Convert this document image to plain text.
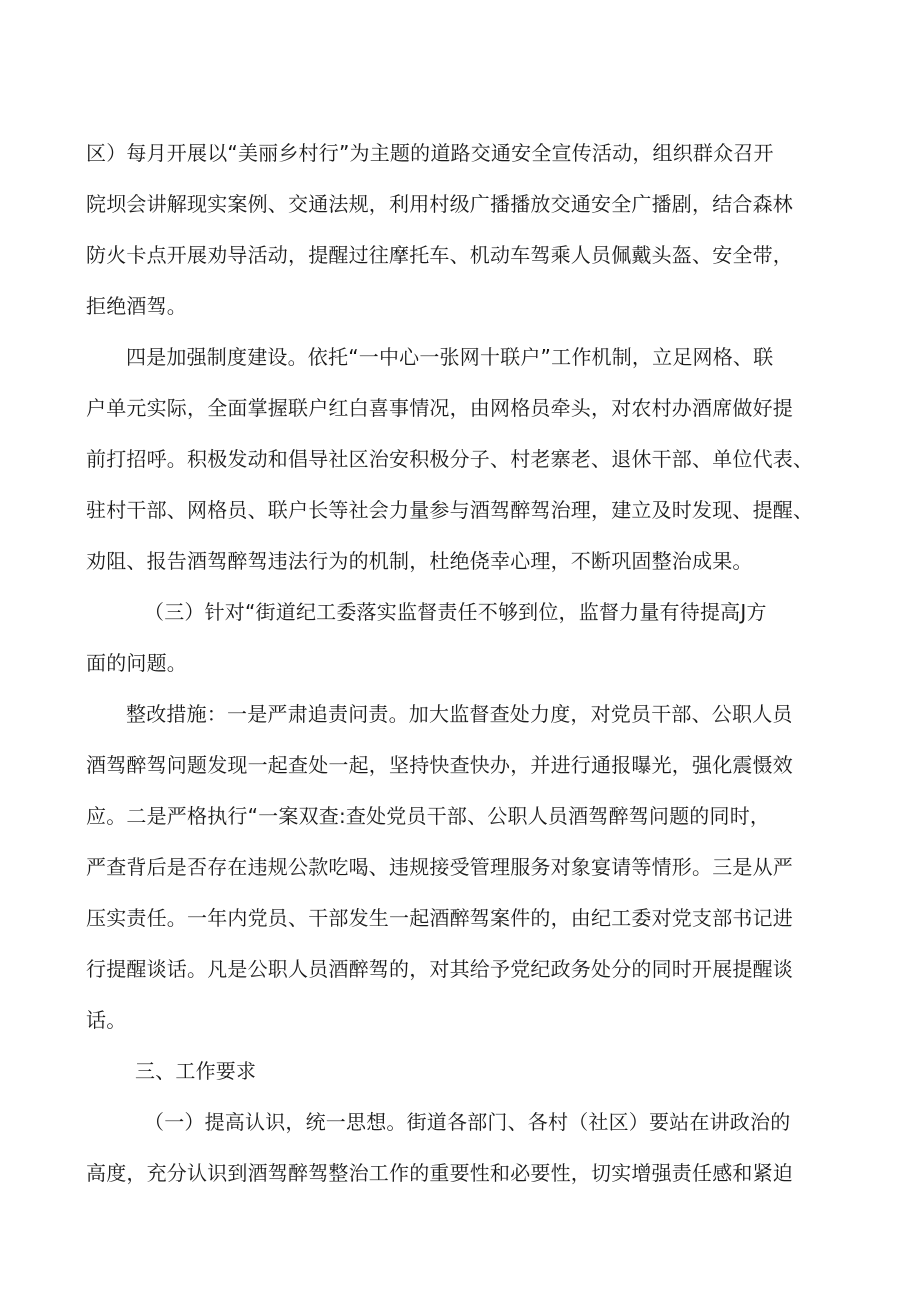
区）每月开展以“美丽乡村行”为主题的道路交通安全宣传活动，组织群众召开
院坝会讲解现实案例、交通法规，利用村级广播播放交通安全广播剧，结合森林
防火卡点开展劝导活动，提醒过往摩托车、机动车驾乘人员佩戴头盔、安全带，
拒绝酒驾。
四是加强制度建设。依托“一中心一张网十联户”工作机制，立足网格、联
户单元实际，全面掌握联户红白喜事情况，由网格员牵头，对农村办酒席做好提
前打招呼。积极发动和倡导社区治安积极分子、村老寨老、退休干部、单位代表、
驻村干部、网格员、联户长等社会力量参与酒驾醉驾治理，建立及时发现、提醒、
劝阻、报告酒驾醉驾违法行为的机制，杜绝侥幸心理，不断巩固整治成果。
（三）针对“街道纪工委落实监督责任不够到位，监督力量有待提高J方
面的问题。
整改措施：一是严肃追责问责。加大监督查处力度，对党员干部、公职人员
酒驾醉驾问题发现一起查处一起，坚持快查快办，并进行通报曝光，强化震慑效
应。二是严格执行“一案双查:查处党员干部、公职人员酒驾醉驾问题的同时，
严查背后是否存在违规公款吃喝、违规接受管理服务对象宴请等情形。三是从严
压实责任。一年内党员、干部发生一起酒醉驾案件的，由纪工委对党支部书记进
行提醒谈话。凡是公职人员酒醉驾的，对其给予党纪政务处分的同时开展提醒谈
话。
三、工作要求
（一）提高认识，统一思想。街道各部门、各村（社区）要站在讲政治的
高度，充分认识到酒驾醉驾整治工作的重要性和必要性，切实增强责任感和紧迫
